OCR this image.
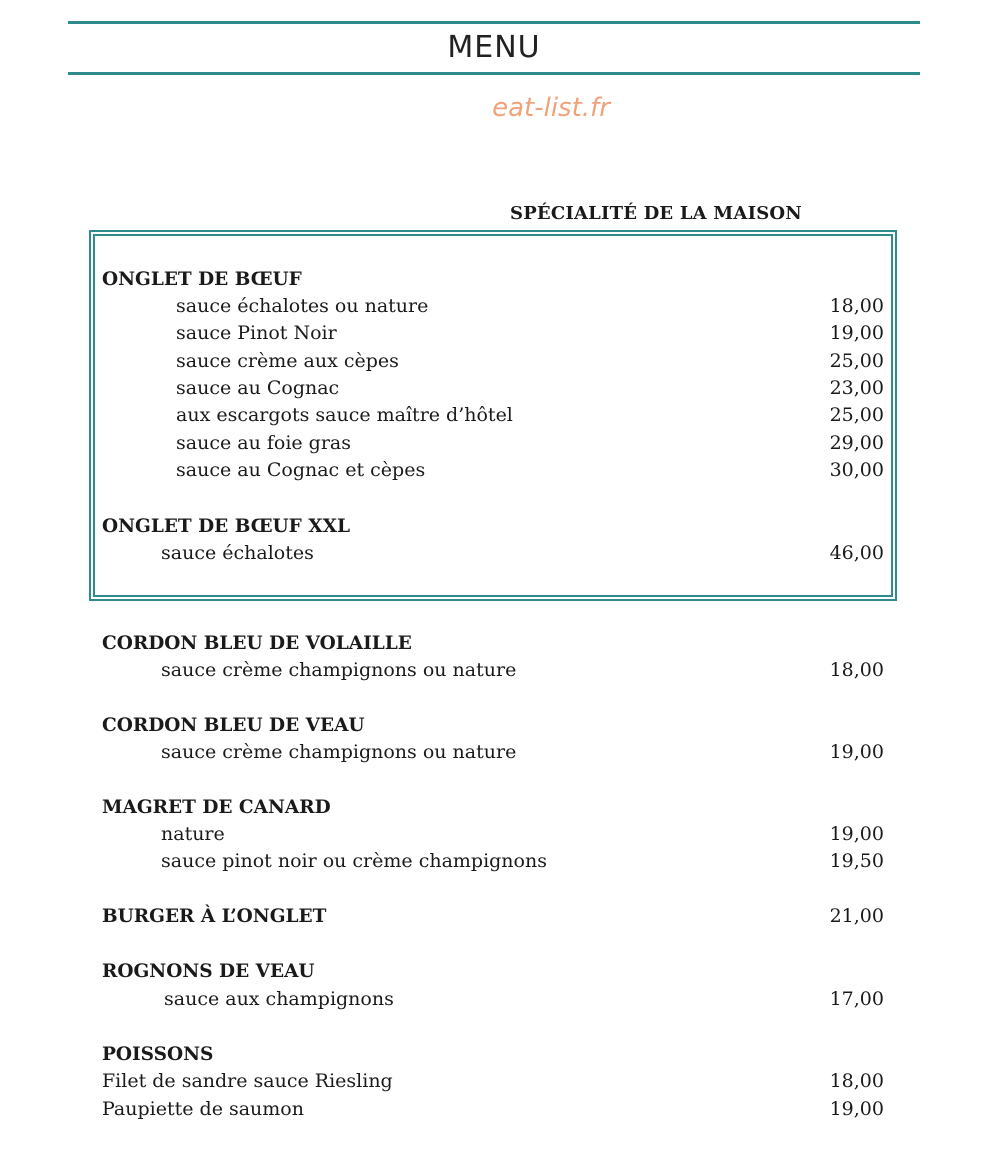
MENU
eat-list.fr
SPÉCIALITÉ DE LA MAISON
ONGLET DE BŒUF
sauce échalotes ou nature	18,00
sauce Pinot Noir	19,00
sauce crème aux cèpes	25,00
sauce au Cognac	23,00
aux escargots sauce maître d’hôtel	25,00
sauce au foie gras	29,00
sauce au Cognac et cèpes	30,00
ONGLET DE BŒUF XXL
sauce échalotes	46,00
CORDON BLEU DE VOLAILLE
sauce crème champignons ou nature	18,00
CORDON BLEU DE VEAU
sauce crème champignons ou nature	19,00
MAGRET DE CANARD
nature	19,00
sauce pinot noir ou crème champignons	19,50
BURGER À L’ONGLET	21,00
ROGNONS DE VEAU
sauce aux champignons	17,00
POISSONS
Filet de sandre sauce Riesling	18,00
Paupiette de saumon	19,00
